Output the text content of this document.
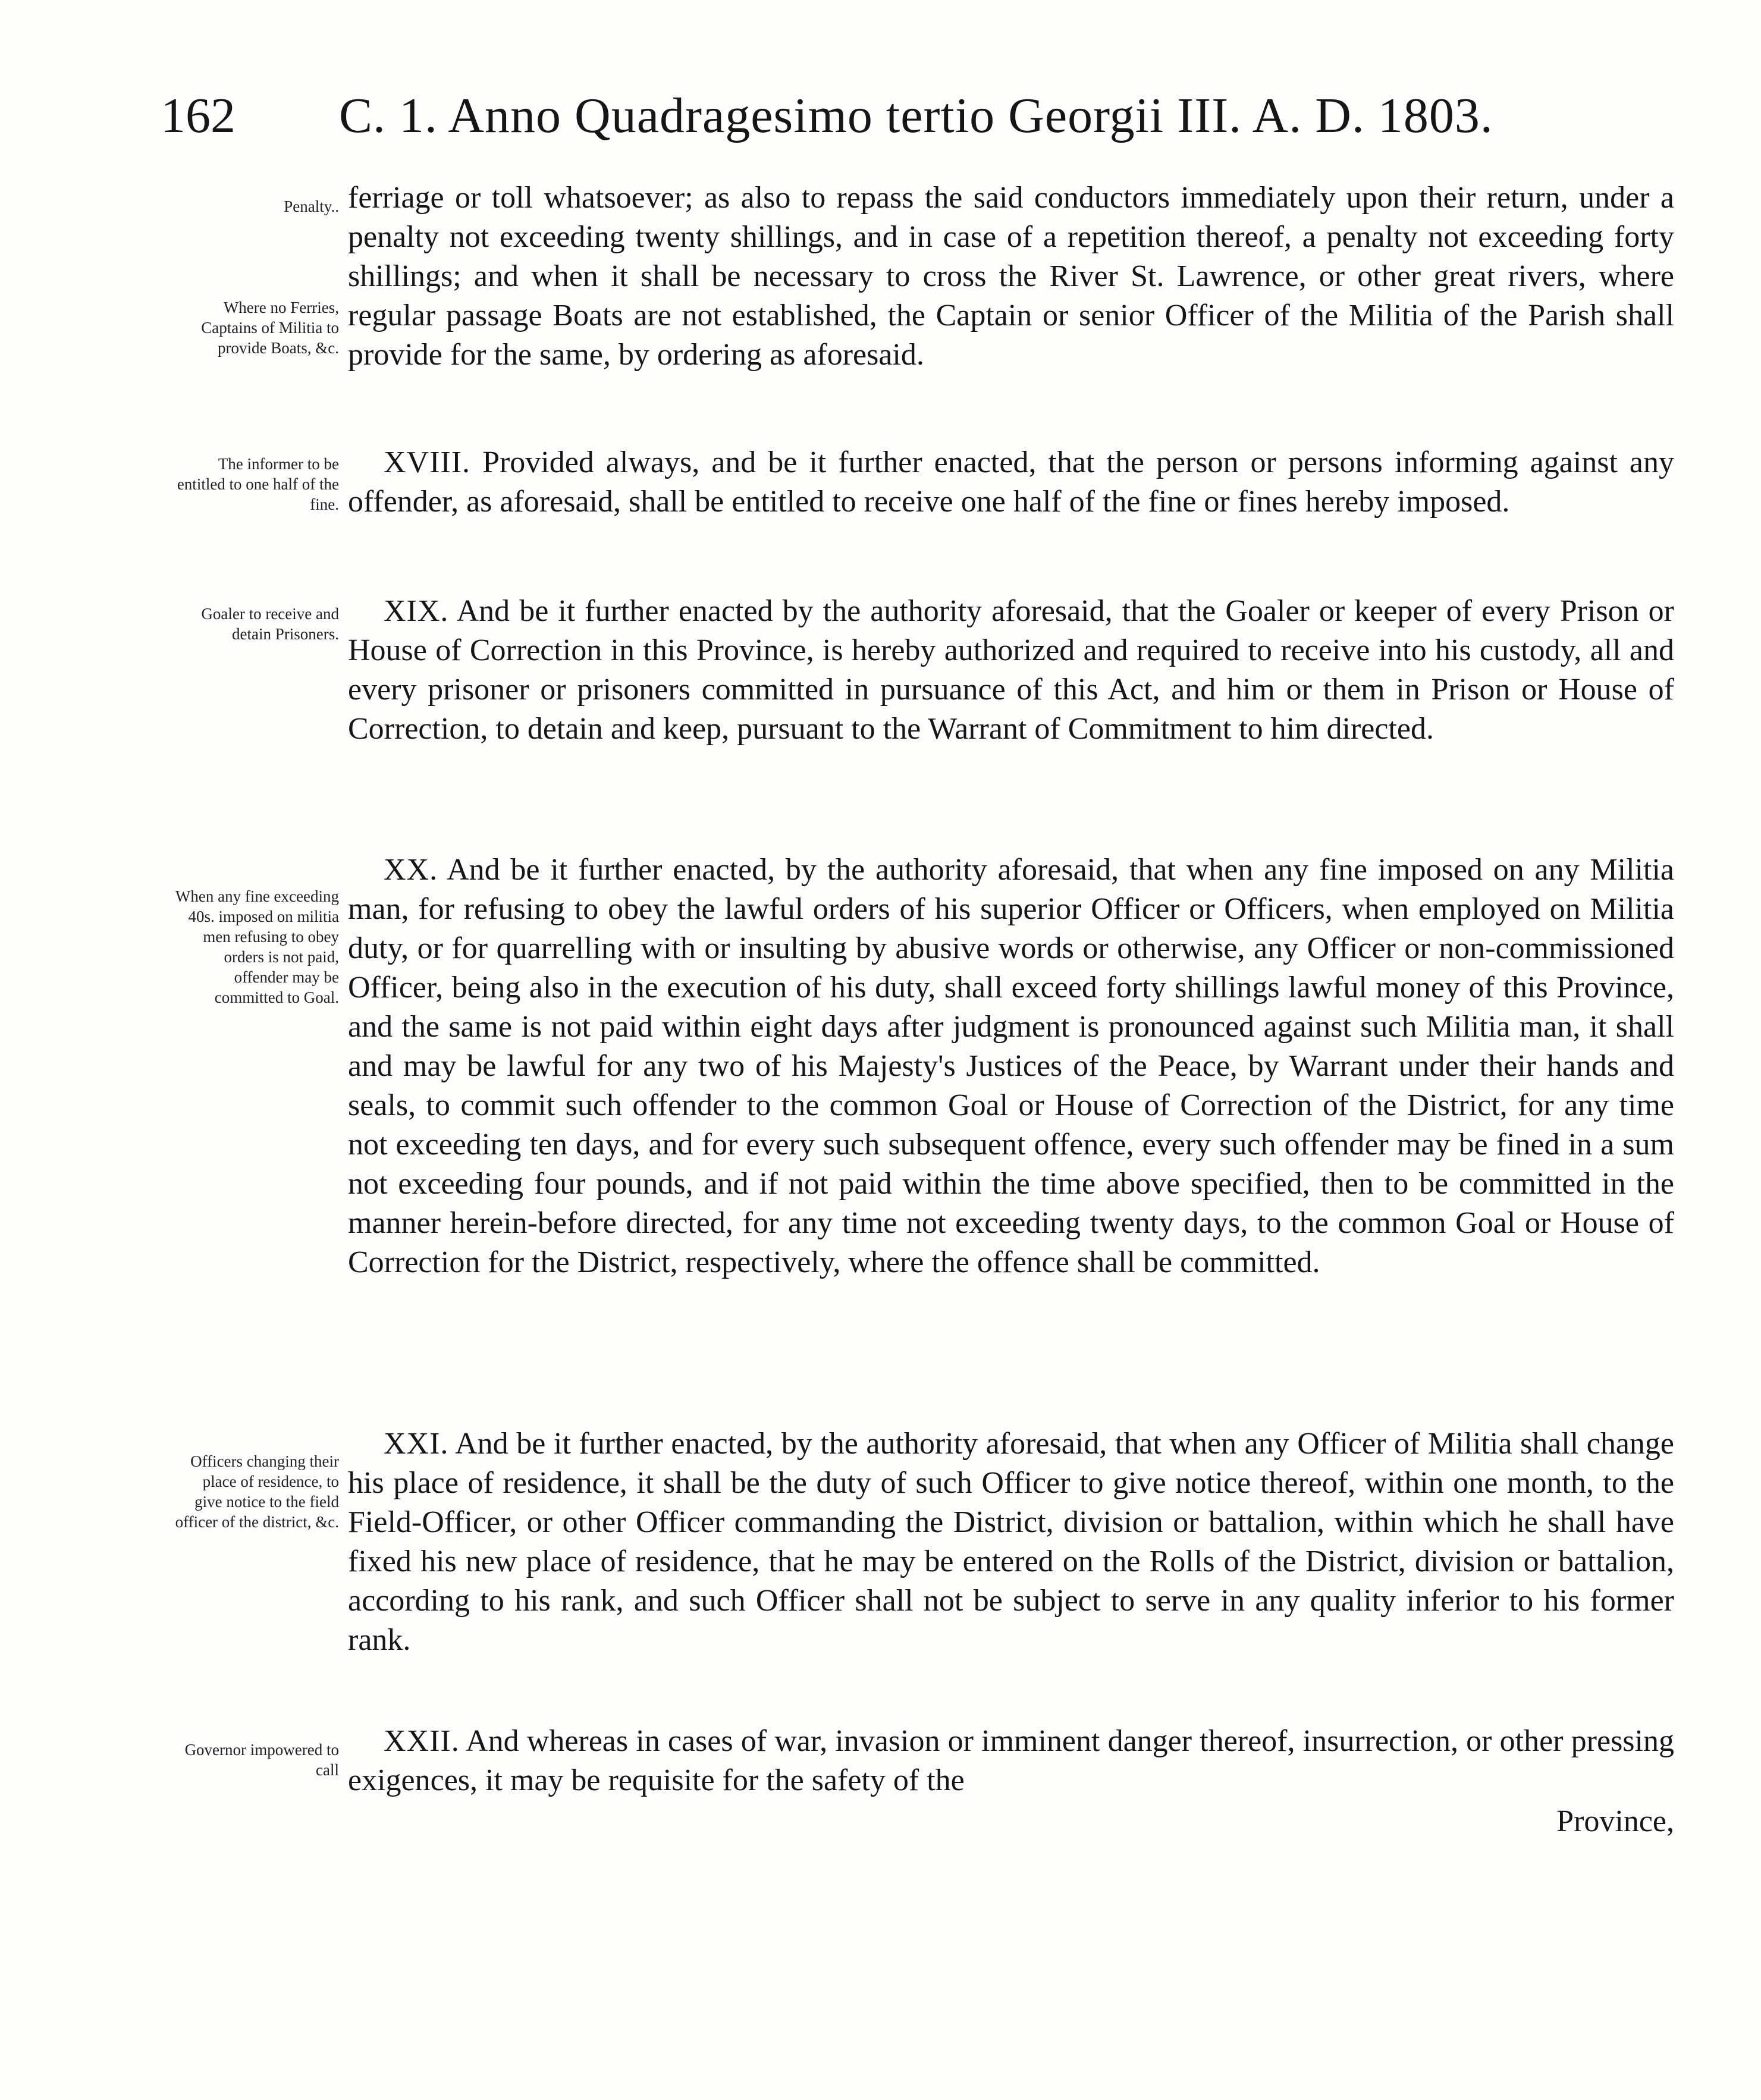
162 C. 1. Anno Quadragesimo tertio Georgii III. A. D. 1803.
Penalty..
Where no Ferries, Captains of Militia to provide Boats, &c.
ferriage or toll whatsoever; as also to repass the said conductors immediately upon their return, under a penalty not exceeding twenty shillings, and in case of a repetition thereof, a penalty not exceeding forty shillings; and when it shall be necessary to cross the River St. Lawrence, or other great rivers, where regular passage Boats are not established, the Captain or senior Officer of the Militia of the Parish shall provide for the same, by ordering as aforesaid.
The informer to be entitled to one half of the fine.
XVIII. Provided always, and be it further enacted, that the person or persons informing against any offender, as aforesaid, shall be entitled to receive one half of the fine or fines hereby imposed.
Goaler to receive and detain Prisoners.
XIX. And be it further enacted by the authority aforesaid, that the Goaler or keeper of every Prison or House of Correction in this Province, is hereby authorized and required to receive into his custody, all and every prisoner or prisoners committed in pursuance of this Act, and him or them in Prison or House of Correction, to detain and keep, pursuant to the Warrant of Commitment to him directed.
When any fine exceeding 40s. imposed on militia men refusing to obey orders is not paid, offender may be committed to Goal.
XX. And be it further enacted, by the authority aforesaid, that when any fine imposed on any Militia man, for refusing to obey the lawful orders of his superior Officer or Officers, when employed on Militia duty, or for quarrelling with or insulting by abusive words or otherwise, any Officer or non-commissioned Officer, being also in the execution of his duty, shall exceed forty shillings lawful money of this Province, and the same is not paid within eight days after judgment is pronounced against such Militia man, it shall and may be lawful for any two of his Majesty's Justices of the Peace, by Warrant under their hands and seals, to commit such offender to the common Goal or House of Correction of the District, for any time not exceeding ten days, and for every such subsequent offence, every such offender may be fined in a sum not exceeding four pounds, and if not paid within the time above specified, then to be committed in the manner herein-before directed, for any time not exceeding twenty days, to the common Goal or House of Correction for the District, respectively, where the offence shall be committed.
Officers changing their place of residence, to give notice to the field officer of the district, &c.
XXI. And be it further enacted, by the authority aforesaid, that when any Officer of Militia shall change his place of residence, it shall be the duty of such Officer to give notice thereof, within one month, to the Field-Officer, or other Officer commanding the District, division or battalion, within which he shall have fixed his new place of residence, that he may be entered on the Rolls of the District, division or battalion, according to his rank, and such Officer shall not be subject to serve in any quality inferior to his former rank.
Governor impowered to call
XXII. And whereas in cases of war, invasion or imminent danger thereof, insurrection, or other pressing exigences, it may be requisite for the safety of the
Province,
